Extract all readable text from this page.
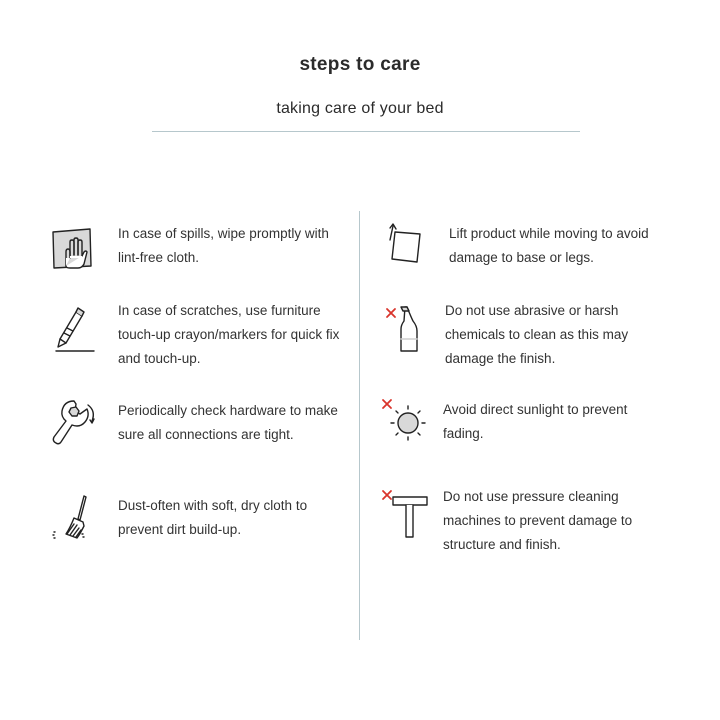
steps to care
taking care of your bed
In case of spills, wipe promptly with lint-free cloth.
In case of scratches, use furniture touch-up crayon/markers for quick fix and touch-up.
Periodically check hardware to make sure all connections are tight.
Dust-often with soft, dry cloth to prevent dirt build-up.
Lift product while moving to avoid damage to base or legs.
Do not use abrasive or harsh chemicals to clean as this may damage the finish.
Avoid direct sunlight to prevent fading.
Do not use pressure cleaning machines to prevent damage to structure and finish.
